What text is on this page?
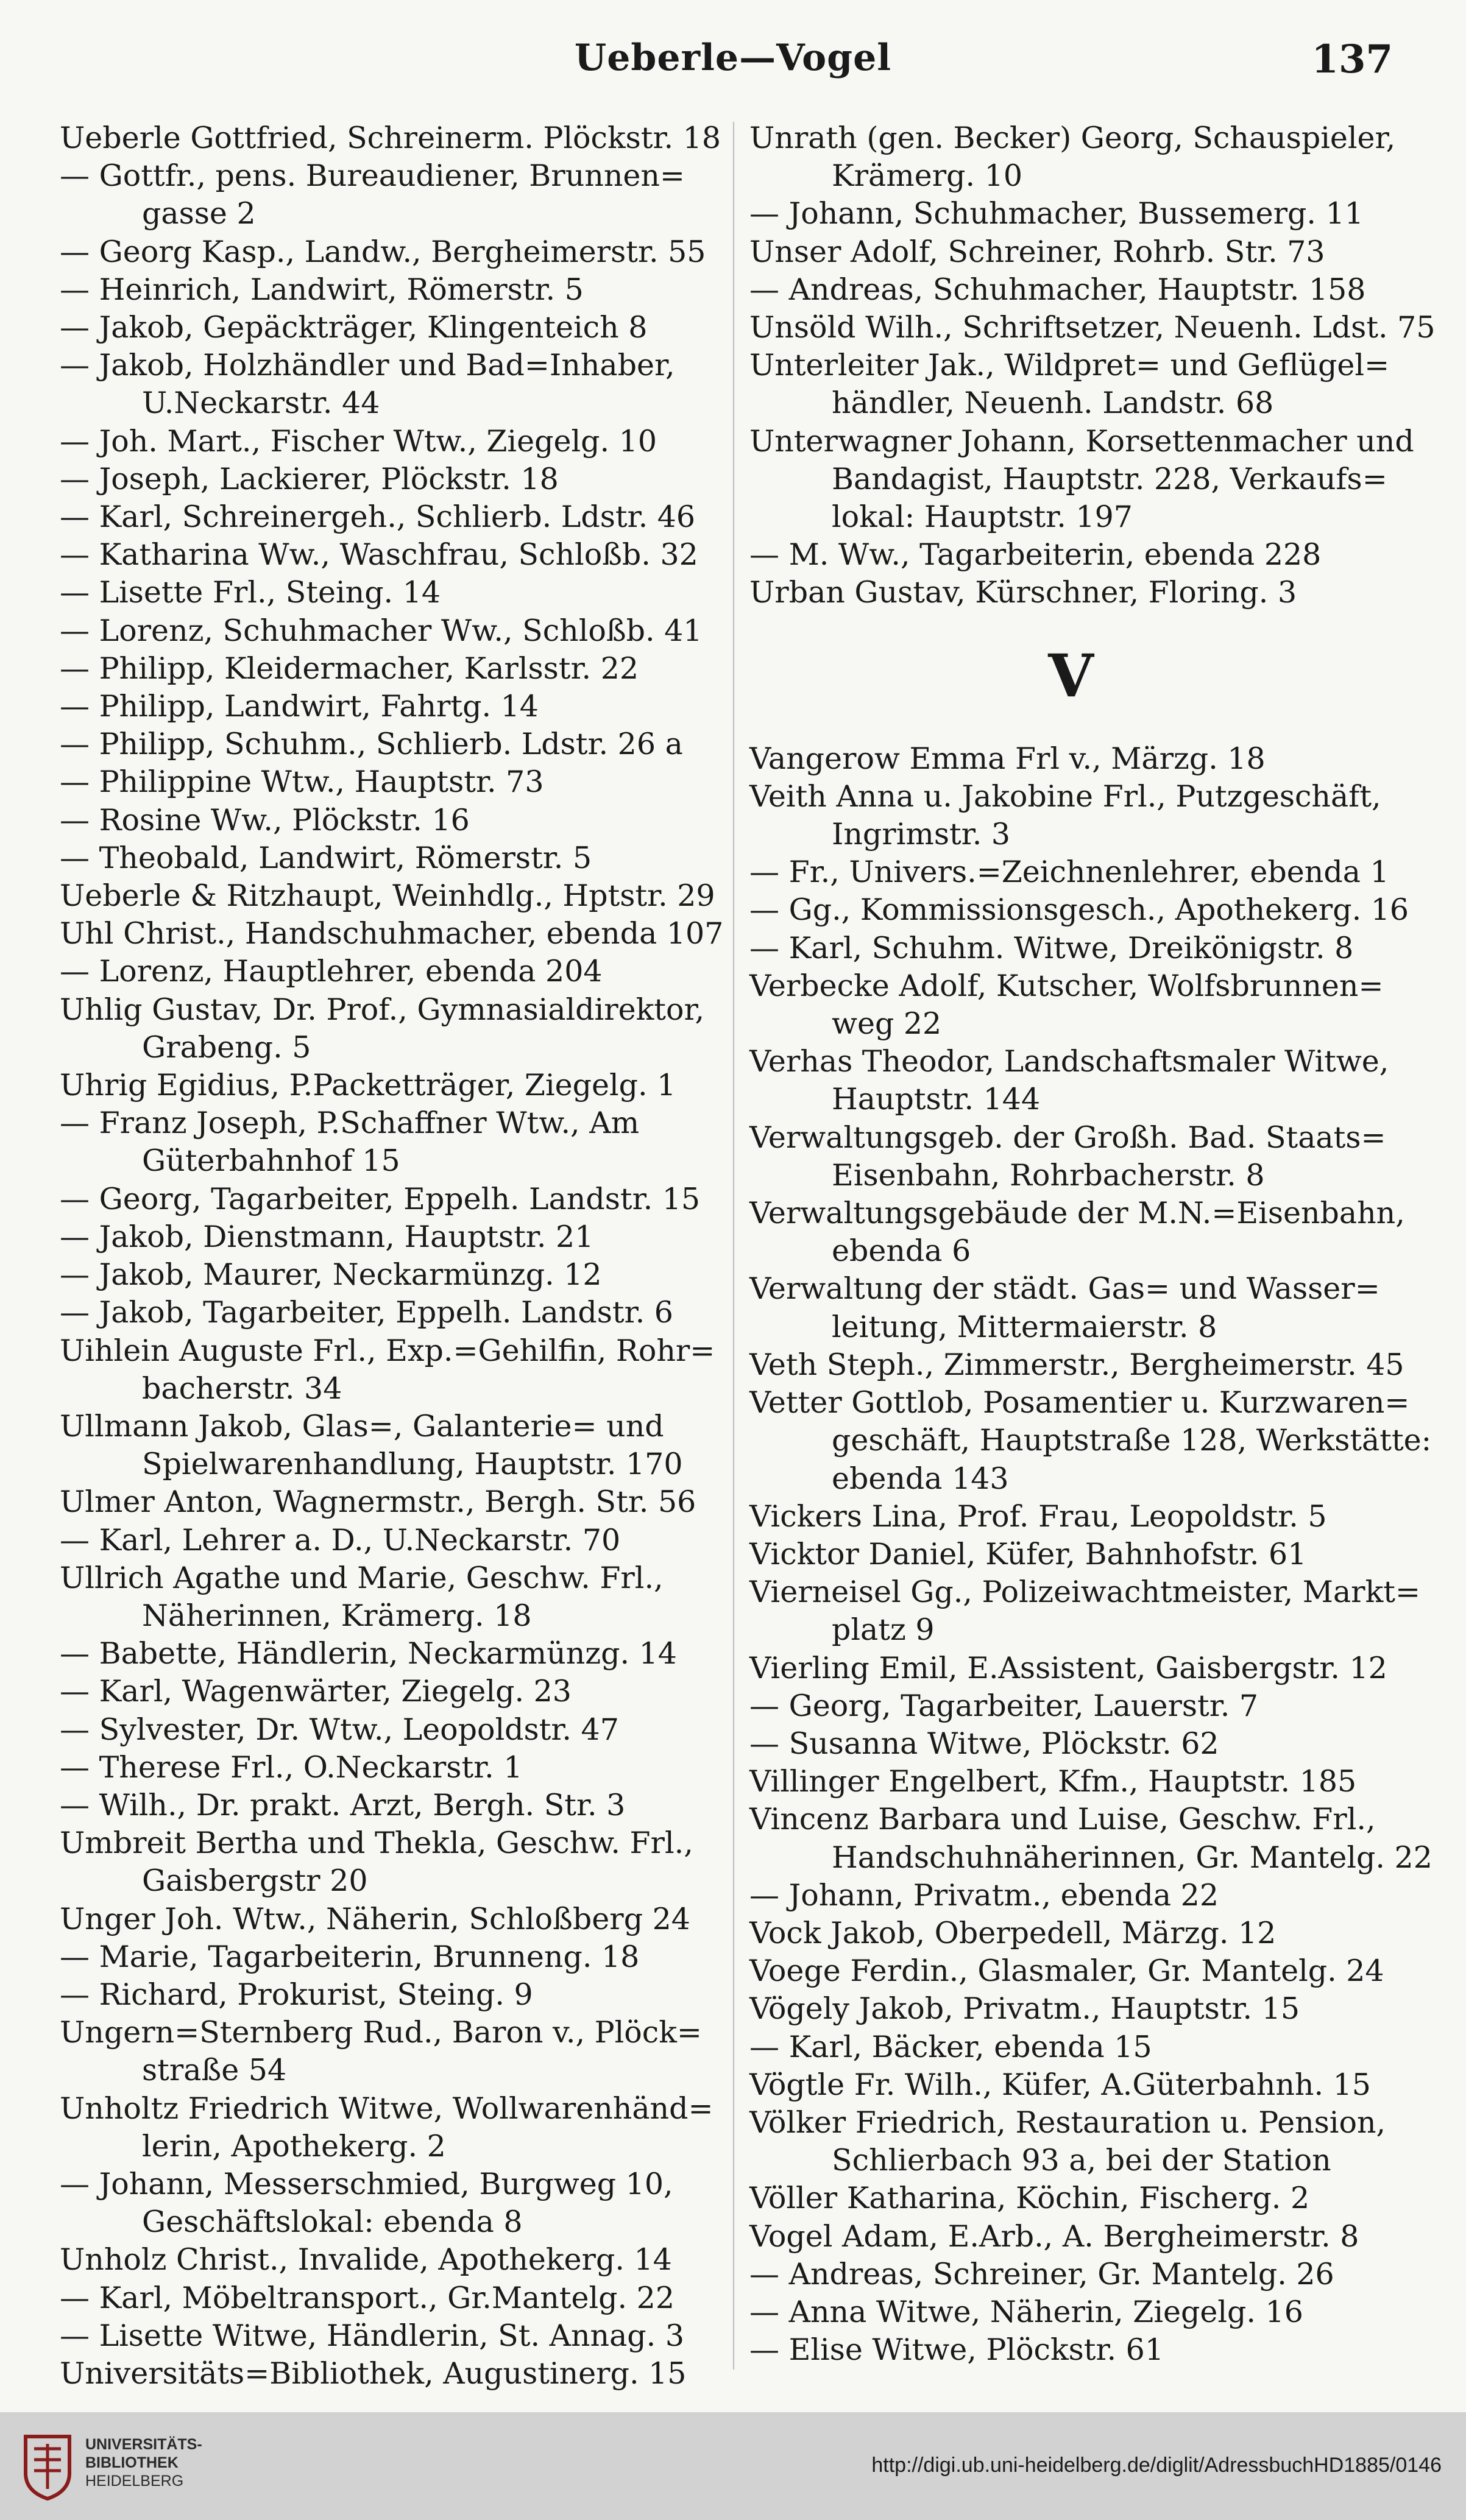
Ueberle—Vogel	137
Ueberle Gottfried, Schreinerm. Plöckstr. 18
— Gottfr., pens. Bureaudiener, Brunnen=
gasse 2
— Georg Kasp., Landw., Bergheimerstr. 55
— Heinrich, Landwirt, Römerstr. 5
— Jakob, Gepäckträger, Klingenteich 8
— Jakob, Holzhändler und Bad=Inhaber,
U.Neckarstr. 44
— Joh. Mart., Fischer Wtw., Ziegelg. 10
— Joseph, Lackierer, Plöckstr. 18
— Karl, Schreinergeh., Schlierb. Ldstr. 46
— Katharina Ww., Waschfrau, Schloßb. 32
— Lisette Frl., Steing. 14
— Lorenz, Schuhmacher Ww., Schloßb. 41
— Philipp, Kleidermacher, Karlsstr. 22
— Philipp, Landwirt, Fahrtg. 14
— Philipp, Schuhm., Schlierb. Ldstr. 26 a
— Philippine Wtw., Hauptstr. 73
— Rosine Ww., Plöckstr. 16
— Theobald, Landwirt, Römerstr. 5
Ueberle & Ritzhaupt, Weinhdlg., Hptstr. 29
Uhl Christ., Handschuhmacher, ebenda 107
— Lorenz, Hauptlehrer, ebenda 204
Uhlig Gustav, Dr. Prof., Gymnasialdirektor,
Grabeng. 5
Uhrig Egidius, P.Packetträger, Ziegelg. 1
— Franz Joseph, P.Schaffner Wtw., Am
Güterbahnhof 15
— Georg, Tagarbeiter, Eppelh. Landstr. 15
— Jakob, Dienstmann, Hauptstr. 21
— Jakob, Maurer, Neckarmünzg. 12
— Jakob, Tagarbeiter, Eppelh. Landstr. 6
Uihlein Auguste Frl., Exp.=Gehilfin, Rohr=
bacherstr. 34
Ullmann Jakob, Glas=, Galanterie= und
Spielwarenhandlung, Hauptstr. 170
Ulmer Anton, Wagnermstr., Bergh. Str. 56
— Karl, Lehrer a. D., U.Neckarstr. 70
Ullrich Agathe und Marie, Geschw. Frl.,
Näherinnen, Krämerg. 18
— Babette, Händlerin, Neckarmünzg. 14
— Karl, Wagenwärter, Ziegelg. 23
— Sylvester, Dr. Wtw., Leopoldstr. 47
— Therese Frl., O.Neckarstr. 1
— Wilh., Dr. prakt. Arzt, Bergh. Str. 3
Umbreit Bertha und Thekla, Geschw. Frl.,
Gaisbergstr 20
Unger Joh. Wtw., Näherin, Schloßberg 24
— Marie, Tagarbeiterin, Brunneng. 18
— Richard, Prokurist, Steing. 9
Ungern=Sternberg Rud., Baron v., Plöck=
straße 54
Unholtz Friedrich Witwe, Wollwarenhänd=
lerin, Apothekerg. 2
— Johann, Messerschmied, Burgweg 10,
Geschäftslokal: ebenda 8
Unholz Christ., Invalide, Apothekerg. 14
— Karl, Möbeltransport., Gr.Mantelg. 22
— Lisette Witwe, Händlerin, St. Annag. 3
Universitäts=Bibliothek, Augustinerg. 15
Unrath (gen. Becker) Georg, Schauspieler,
Krämerg. 10
— Johann, Schuhmacher, Bussemerg. 11
Unser Adolf, Schreiner, Rohrb. Str. 73
— Andreas, Schuhmacher, Hauptstr. 158
Unsöld Wilh., Schriftsetzer, Neuenh. Ldst. 75
Unterleiter Jak., Wildpret= und Geflügel=
händler, Neuenh. Landstr. 68
Unterwagner Johann, Korsettenmacher und
Bandagist, Hauptstr. 228, Verkaufs=
lokal: Hauptstr. 197
— M. Ww., Tagarbeiterin, ebenda 228
Urban Gustav, Kürschner, Floring. 3
V
Vangerow Emma Frl v., Märzg. 18
Veith Anna u. Jakobine Frl., Putzgeschäft,
Ingrimstr. 3
— Fr., Univers.=Zeichnenlehrer, ebenda 1
— Gg., Kommissionsgesch., Apothekerg. 16
— Karl, Schuhm. Witwe, Dreikönigstr. 8
Verbecke Adolf, Kutscher, Wolfsbrunnen=
weg 22
Verhas Theodor, Landschaftsmaler Witwe,
Hauptstr. 144
Verwaltungsgeb. der Großh. Bad. Staats=
Eisenbahn, Rohrbacherstr. 8
Verwaltungsgebäude der M.N.=Eisenbahn,
ebenda 6
Verwaltung der städt. Gas= und Wasser=
leitung, Mittermaierstr. 8
Veth Steph., Zimmerstr., Bergheimerstr. 45
Vetter Gottlob, Posamentier u. Kurzwaren=
geschäft, Hauptstraße 128, Werkstätte:
ebenda 143
Vickers Lina, Prof. Frau, Leopoldstr. 5
Vicktor Daniel, Küfer, Bahnhofstr. 61
Vierneisel Gg., Polizeiwachtmeister, Markt=
platz 9
Vierling Emil, E.Assistent, Gaisbergstr. 12
— Georg, Tagarbeiter, Lauerstr. 7
— Susanna Witwe, Plöckstr. 62
Villinger Engelbert, Kfm., Hauptstr. 185
Vincenz Barbara und Luise, Geschw. Frl.,
Handschuhnäherinnen, Gr. Mantelg. 22
— Johann, Privatm., ebenda 22
Vock Jakob, Oberpedell, Märzg. 12
Voege Ferdin., Glasmaler, Gr. Mantelg. 24
Vögely Jakob, Privatm., Hauptstr. 15
— Karl, Bäcker, ebenda 15
Vögtle Fr. Wilh., Küfer, A.Güterbahnh. 15
Völker Friedrich, Restauration u. Pension,
Schlierbach 93 a, bei der Station
Völler Katharina, Köchin, Fischerg. 2
Vogel Adam, E.Arb., A. Bergheimerstr. 8
— Andreas, Schreiner, Gr. Mantelg. 26
— Anna Witwe, Näherin, Ziegelg. 16
— Elise Witwe, Plöckstr. 61
UNIVERSITÄTS-
BIBLIOTHEK
HEIDELBERG
http://digi.ub.uni-heidelberg.de/diglit/AdressbuchHD1885/0146
